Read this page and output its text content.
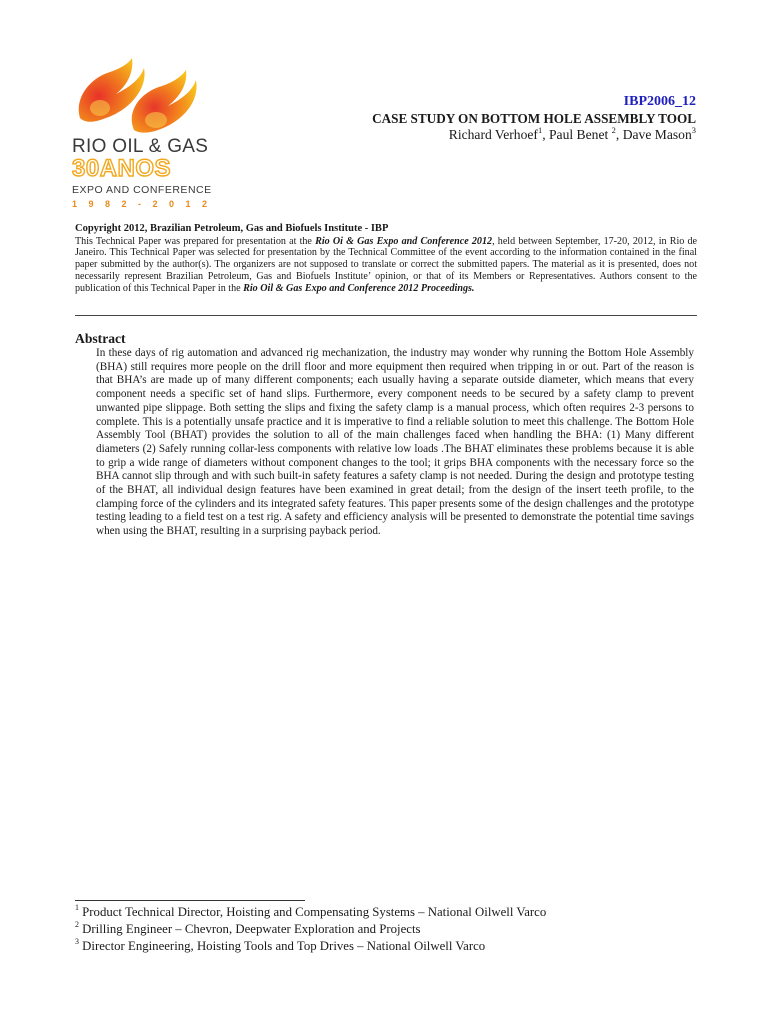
RIO OIL & GAS
30ANOS
EXPO AND CONFERENCE
1 9 8 2 - 2 0 1 2
IBP2006_12
CASE STUDY ON BOTTOM HOLE ASSEMBLY TOOL
Richard Verhoef$^1$, Paul Benet $^2$, Dave Mason$^3$
Copyright 2012, Brazilian Petroleum, Gas and Biofuels Institute - IBP
This Technical Paper was prepared for presentation at the Rio Oi & Gas Expo and Conference 2012, held between September, 17-20, 2012, in Rio de Janeiro. This Technical Paper was selected for presentation by the Technical Committee of the event according to the information contained in the final paper submitted by the author(s). The organizers are not supposed to translate or correct the submitted papers. The material as it is presented, does not necessarily represent Brazilian Petroleum, Gas and Biofuels Institute’ opinion, or that of its Members or Representatives. Authors consent to the publication of this Technical Paper in the Rio Oil & Gas Expo and Conference 2012 Proceedings.
Abstract
In these days of rig automation and advanced rig mechanization, the industry may wonder why running the Bottom Hole Assembly (BHA) still requires more people on the drill floor and more equipment then required when tripping in or out. Part of the reason is that BHA’s are made up of many different components; each usually having a separate outside diameter, which means that every component needs a specific set of hand slips. Furthermore, every component needs to be secured by a safety clamp to prevent unwanted pipe slippage. Both setting the slips and fixing the safety clamp is a manual process, which often requires 2-3 persons to complete. This is a potentially unsafe practice and it is imperative to find a reliable solution to meet this challenge. The Bottom Hole Assembly Tool (BHAT) provides the solution to all of the main challenges faced when handling the BHA: (1) Many different diameters (2) Safely running collar-less components with relative low loads .The BHAT eliminates these problems because it is able to grip a wide range of diameters without component changes to the tool; it grips BHA components with the necessary force so the BHA cannot slip through and with such built-in safety features a safety clamp is not needed. During the design and prototype testing of the BHAT, all individual design features have been examined in great detail; from the design of the insert teeth profile, to the clamping force of the cylinders and its integrated safety features. This paper presents some of the design challenges and the prototype testing leading to a field test on a test rig. A safety and efficiency analysis will be presented to demonstrate the potential time savings when using the BHAT, resulting in a surprising payback period.
$^1$ Product Technical Director, Hoisting and Compensating Systems – National Oilwell Varco
$^2$ Drilling Engineer – Chevron, Deepwater Exploration and Projects
$^3$ Director Engineering, Hoisting Tools and Top Drives – National Oilwell Varco
